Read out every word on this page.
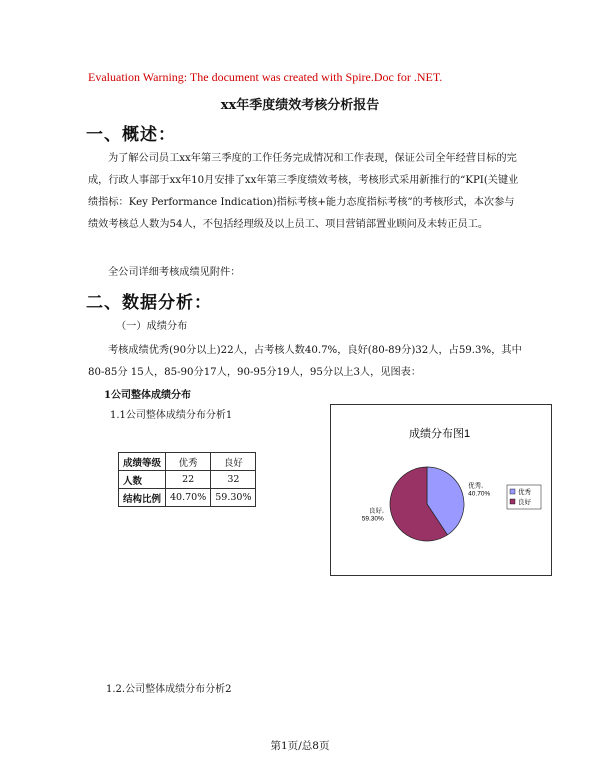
Evaluation Warning: The document was created with Spire.Doc for .NET.
xx年季度绩效考核分析报告
一、概述：
为了解公司员工xx年第三季度的工作任务完成情况和工作表现，保证公司全年经营目标的完成，行政人事部于xx年10月安排了xx年第三季度绩效考核，考核形式采用新推行的“KPI(关键业绩指标：Key Performance Indication)指标考核+能力态度指标考核”的考核形式，本次参与绩效考核总人数为54人，不包括经理级及以上员工、项目营销部置业顾问及未转正员工。
全公司详细考核成绩见附件：
二、数据分析：
（一）成绩分布
考核成绩优秀(90分以上)22人，占考核人数40.7%，良好(80-89分)32人，占59.3%，其中80-85分 15人，85-90分17人，90-95分19人，95分以上3人，见图表：
1公司整体成绩分布
1.1公司整体成绩分布分析1
成绩等级	优秀	良好
人数	22	32
结构比例	40.70%	59.30%
成绩分布图1
优秀, 40.70%
良好, 59.30%
优秀
良好
1.2.公司整体成绩分布分析2
第1页/总8页
